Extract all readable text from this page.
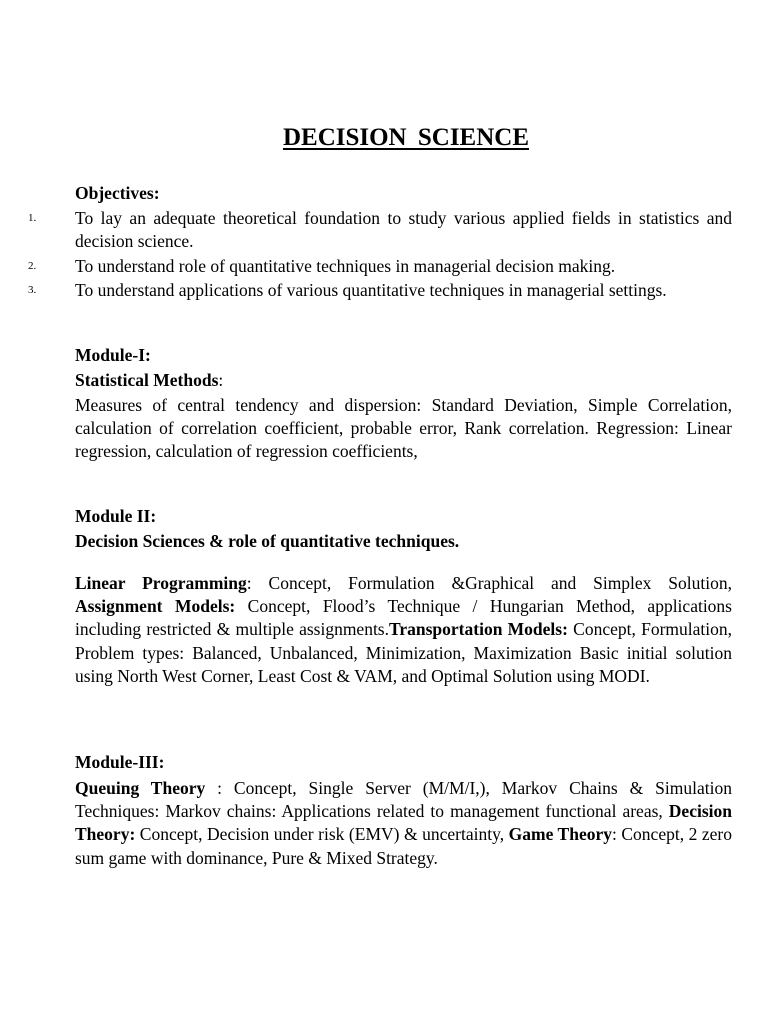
DECISION SCIENCE
Objectives:
1. To lay an adequate theoretical foundation to study various applied fields in statistics and decision science.
2. To understand role of quantitative techniques in managerial decision making.
3. To understand applications of various quantitative techniques in managerial settings.
Module-I:
Statistical Methods:
Measures of central tendency and dispersion: Standard Deviation, Simple Correlation, calculation of correlation coefficient, probable error, Rank correlation. Regression: Linear regression, calculation of regression coefficients,
Module II:
Decision Sciences & role of quantitative techniques.
Linear Programming: Concept, Formulation &Graphical and Simplex Solution, Assignment Models: Concept, Flood’s Technique / Hungarian Method, applications including restricted & multiple assignments.Transportation Models: Concept, Formulation, Problem types: Balanced, Unbalanced, Minimization, Maximization Basic initial solution using North West Corner, Least Cost & VAM, and Optimal Solution using MODI.
Module-III:
Queuing Theory : Concept, Single Server (M/M/I,), Markov Chains & Simulation Techniques: Markov chains: Applications related to management functional areas, Decision Theory: Concept, Decision under risk (EMV) & uncertainty, Game Theory: Concept, 2 zero sum game with dominance, Pure & Mixed Strategy.
